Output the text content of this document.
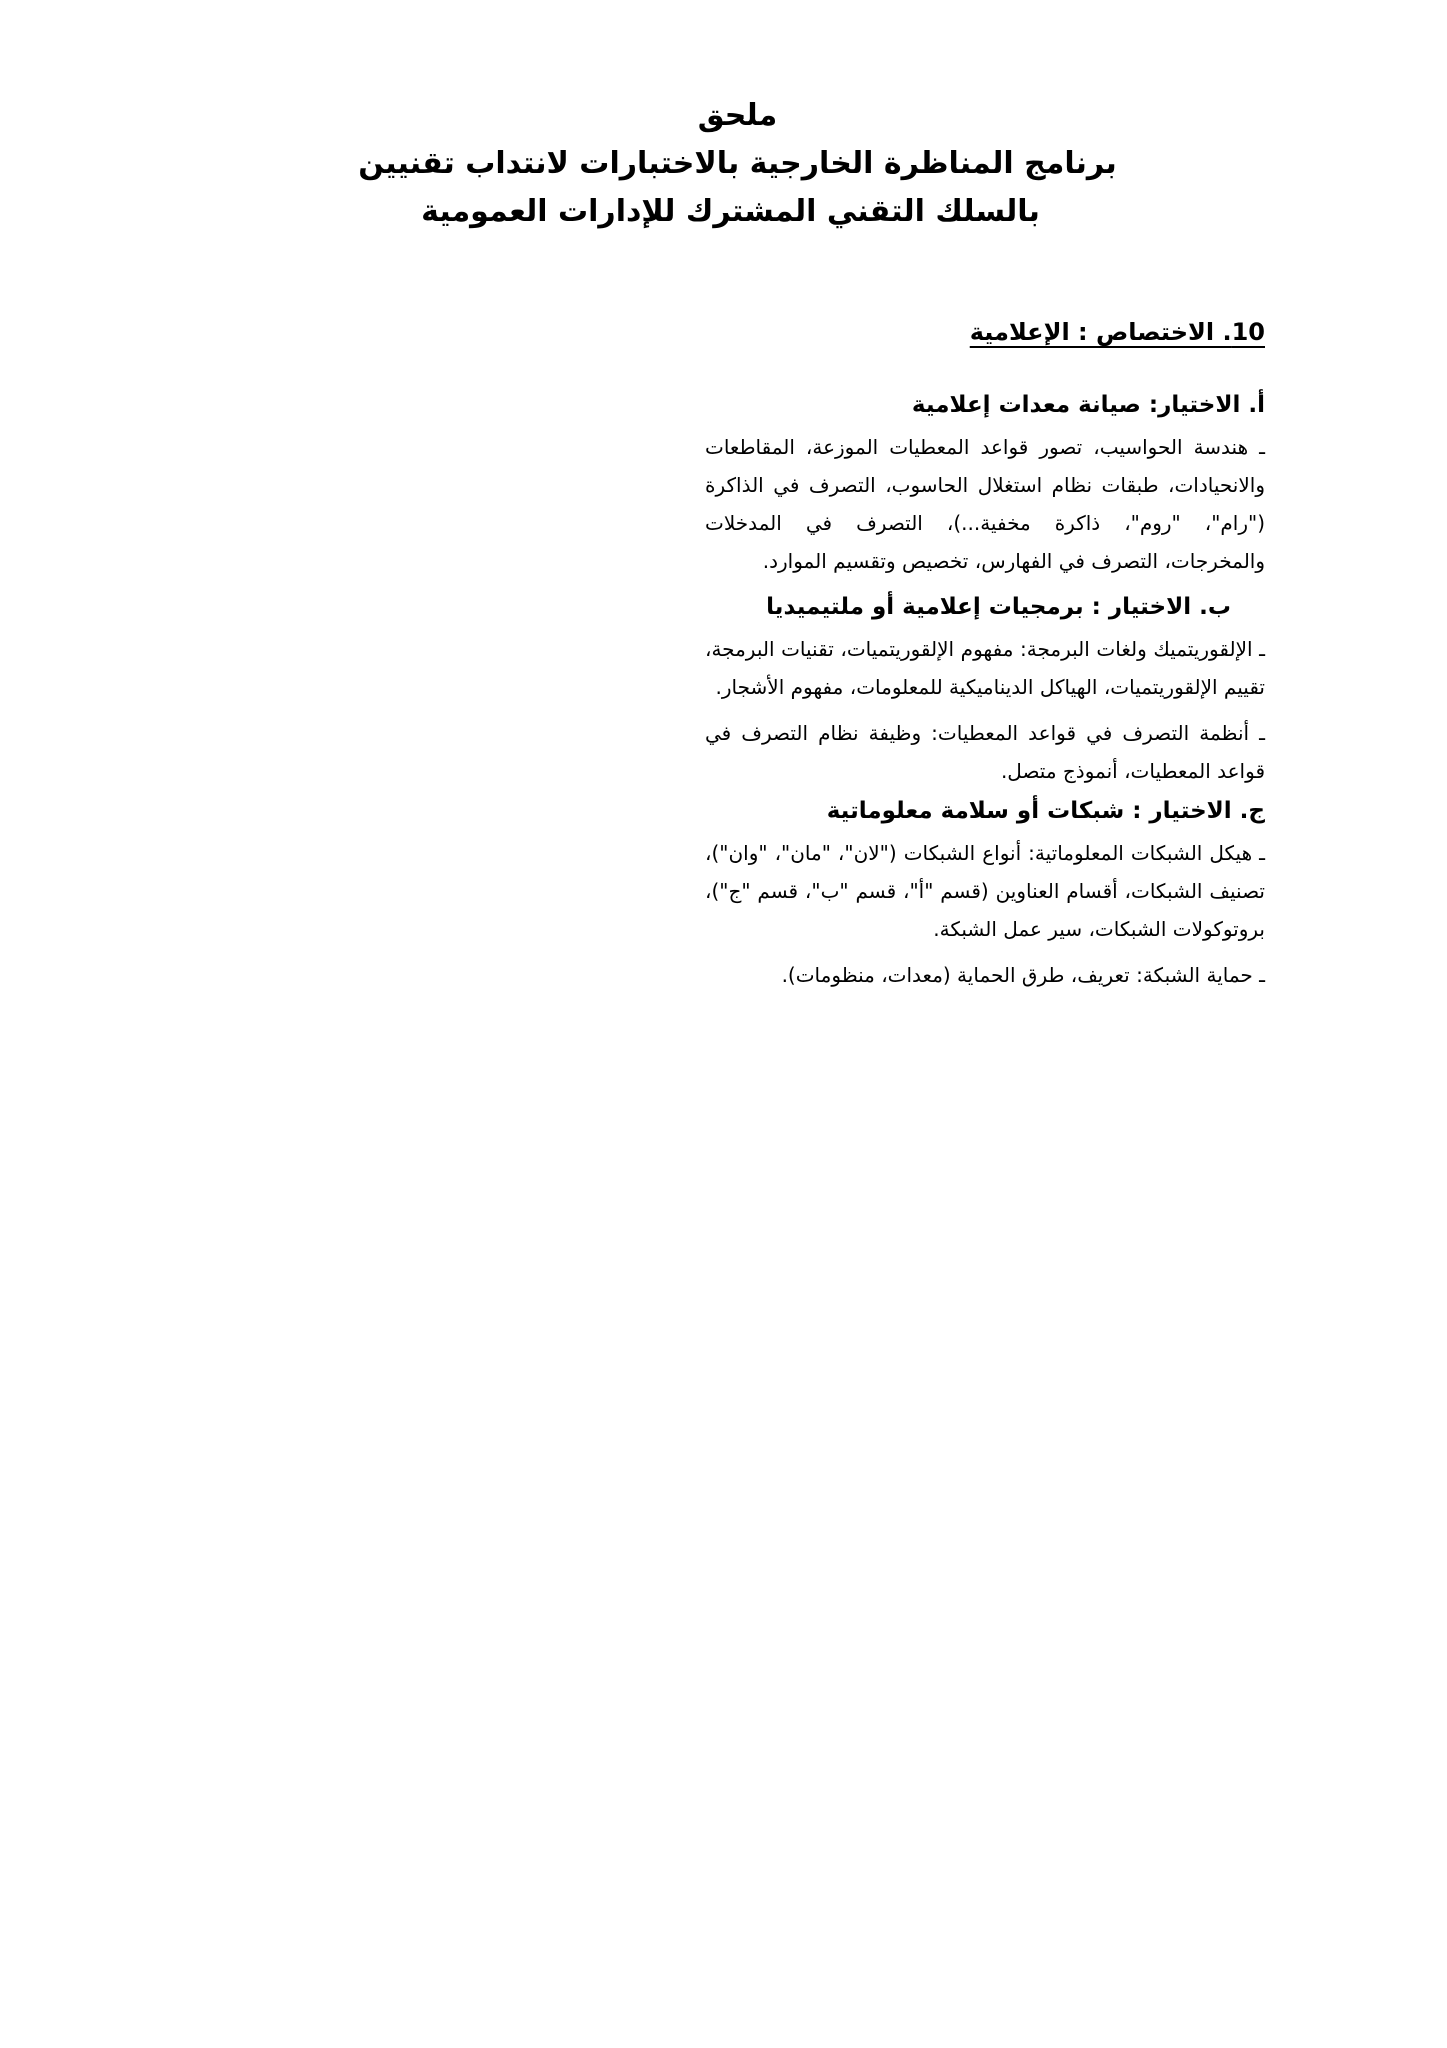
ملحق
برنامج المناظرة الخارجية بالاختبارات لانتداب تقنيين
بالسلك التقني المشترك للإدارات العمومية
10. الاختصاص : الإعلامية
أ. الاختيار: صيانة معدات إعلامية

ـ هندسة الحواسيب، تصور قواعد المعطيات الموزعة، المقاطعات والانحيادات، طبقات نظام استغلال الحاسوب، التصرف في الذاكرة ("رام"، "روم"، ذاكرة مخفية...)، التصرف في المدخلات والمخرجات، التصرف في الفهارس، تخصيص وتقسيم الموارد.

ب. الاختيار : برمجيات إعلامية أو ملتيميديا

ـ الإلقوريتميك ولغات البرمجة: مفهوم الإلقوريتميات، تقنيات البرمجة، تقييم الإلقوريتميات، الهياكل الديناميكية للمعلومات، مفهوم الأشجار.

ـ أنظمة التصرف في قواعد المعطيات: وظيفة نظام التصرف في قواعد المعطيات، أنموذج متصل.

ج. الاختيار : شبكات أو سلامة معلوماتية

ـ هيكل الشبكات المعلوماتية: أنواع الشبكات ("لان"، "مان"، "وان")، تصنيف الشبكات، أقسام العناوين (قسم "أ"، قسم "ب"، قسم "ج")، بروتوكولات الشبكات، سير عمل الشبكة.

ـ حماية الشبكة: تعريف، طرق الحماية (معدات، منظومات).
